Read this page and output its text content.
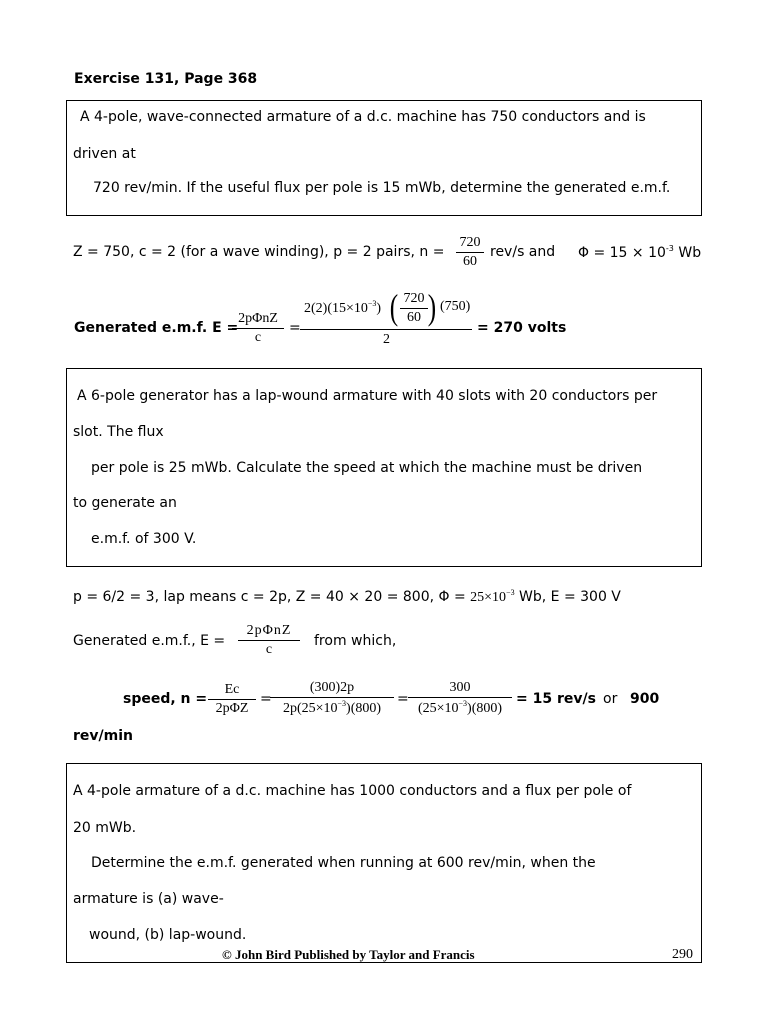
Exercise 131, Page 368
A 4-pole, wave-connected armature of a d.c. machine has 750 conductors and is
driven at
720 rev/min. If the useful flux per pole is 15 mWb, determine the generated e.m.f.
Z = 750, c = 2 (for a wave winding), p = 2 pairs, n =
720
60
rev/s and $\Phi = 15 \times 10^{-3}$ Wb
Generated e.m.f. E =
2pΦnZ
c
=
$2(2)(15\times 10^{-3})$ ( 720
60 ) (750)
2
= 270 volts
A 6-pole generator has a lap-wound armature with 40 slots with 20 conductors per
slot. The flux
per pole is 25 mWb. Calculate the speed at which the machine must be driven
to generate an
e.m.f. of 300 V.
p = 6/2 = 3, lap means c = 2p, Z = 40 × 20 = 800, $\Phi = 25\times 10^{-3}$ Wb, E = 300 V
Generated e.m.f., E =
2pΦnZ
c
from which,
speed, n =
Ec
2pΦZ
=
(300)2p
$2p(25\times 10^{-3})(800)$
=
300
$(25\times 10^{-3})(800)$
= 15 rev/s or 900
rev/min
A 4-pole armature of a d.c. machine has 1000 conductors and a flux per pole of
20 mWb.
Determine the e.m.f. generated when running at 600 rev/min, when the
armature is (a) wave-
wound, (b) lap-wound.
© John Bird Published by Taylor and Francis	290
